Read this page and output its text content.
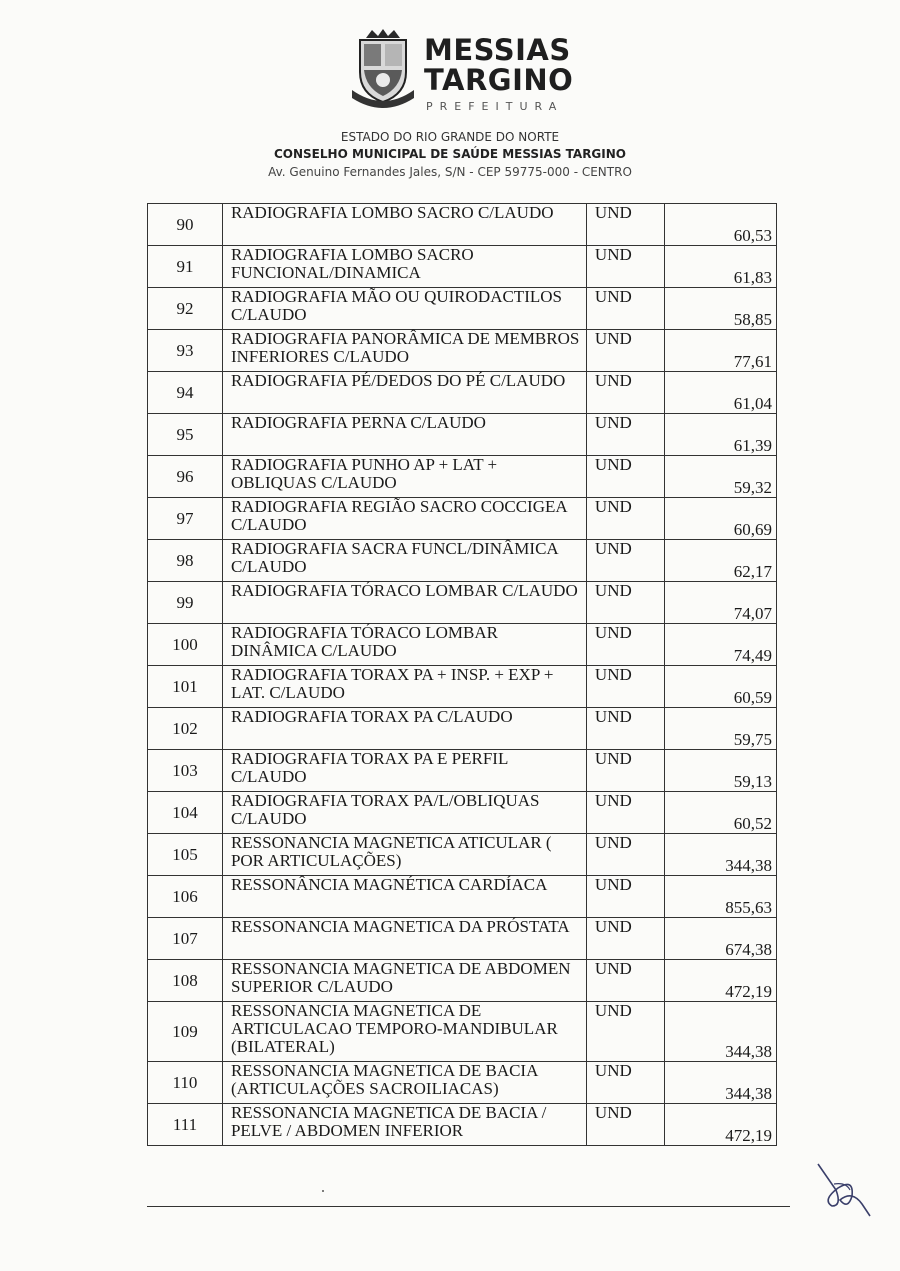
MESSIAS
TARGINO
PREFEITURA
ESTADO DO RIO GRANDE DO NORTE
CONSELHO MUNICIPAL DE SAÚDE MESSIAS TARGINO
Av. Genuino Fernandes Jales, S/N - CEP 59775-000 - CENTRO
90	RADIOGRAFIA LOMBO SACRO C/LAUDO	UND	60,53
91	RADIOGRAFIA LOMBO SACRO FUNCIONAL/DINAMICA	UND	61,83
92	RADIOGRAFIA MÃO OU QUIRODACTILOS C/LAUDO	UND	58,85
93	RADIOGRAFIA PANORÂMICA DE MEMBROS INFERIORES C/LAUDO	UND	77,61
94	RADIOGRAFIA PÉ/DEDOS DO PÉ C/LAUDO	UND	61,04
95	RADIOGRAFIA PERNA C/LAUDO	UND	61,39
96	RADIOGRAFIA PUNHO AP + LAT + OBLIQUAS C/LAUDO	UND	59,32
97	RADIOGRAFIA REGIÃO SACRO COCCIGEA C/LAUDO	UND	60,69
98	RADIOGRAFIA SACRA FUNCL/DINÂMICA C/LAUDO	UND	62,17
99	RADIOGRAFIA TÓRACO LOMBAR C/LAUDO	UND	74,07
100	RADIOGRAFIA TÓRACO LOMBAR DINÂMICA C/LAUDO	UND	74,49
101	RADIOGRAFIA TORAX PA + INSP. + EXP + LAT. C/LAUDO	UND	60,59
102	RADIOGRAFIA TORAX PA C/LAUDO	UND	59,75
103	RADIOGRAFIA TORAX PA E PERFIL C/LAUDO	UND	59,13
104	RADIOGRAFIA TORAX PA/L/OBLIQUAS C/LAUDO	UND	60,52
105	RESSONANCIA MAGNETICA ATICULAR ( POR ARTICULAÇÕES)	UND	344,38
106	RESSONÂNCIA MAGNÉTICA CARDÍACA	UND	855,63
107	RESSONANCIA MAGNETICA DA PRÓSTATA	UND	674,38
108	RESSONANCIA MAGNETICA DE ABDOMEN SUPERIOR C/LAUDO	UND	472,19
109	RESSONANCIA MAGNETICA DE ARTICULACAO TEMPORO-MANDIBULAR (BILATERAL)	UND	344,38
110	RESSONANCIA MAGNETICA DE BACIA (ARTICULAÇÕES SACROILIACAS)	UND	344,38
111	RESSONANCIA MAGNETICA DE BACIA / PELVE / ABDOMEN INFERIOR	UND	472,19
